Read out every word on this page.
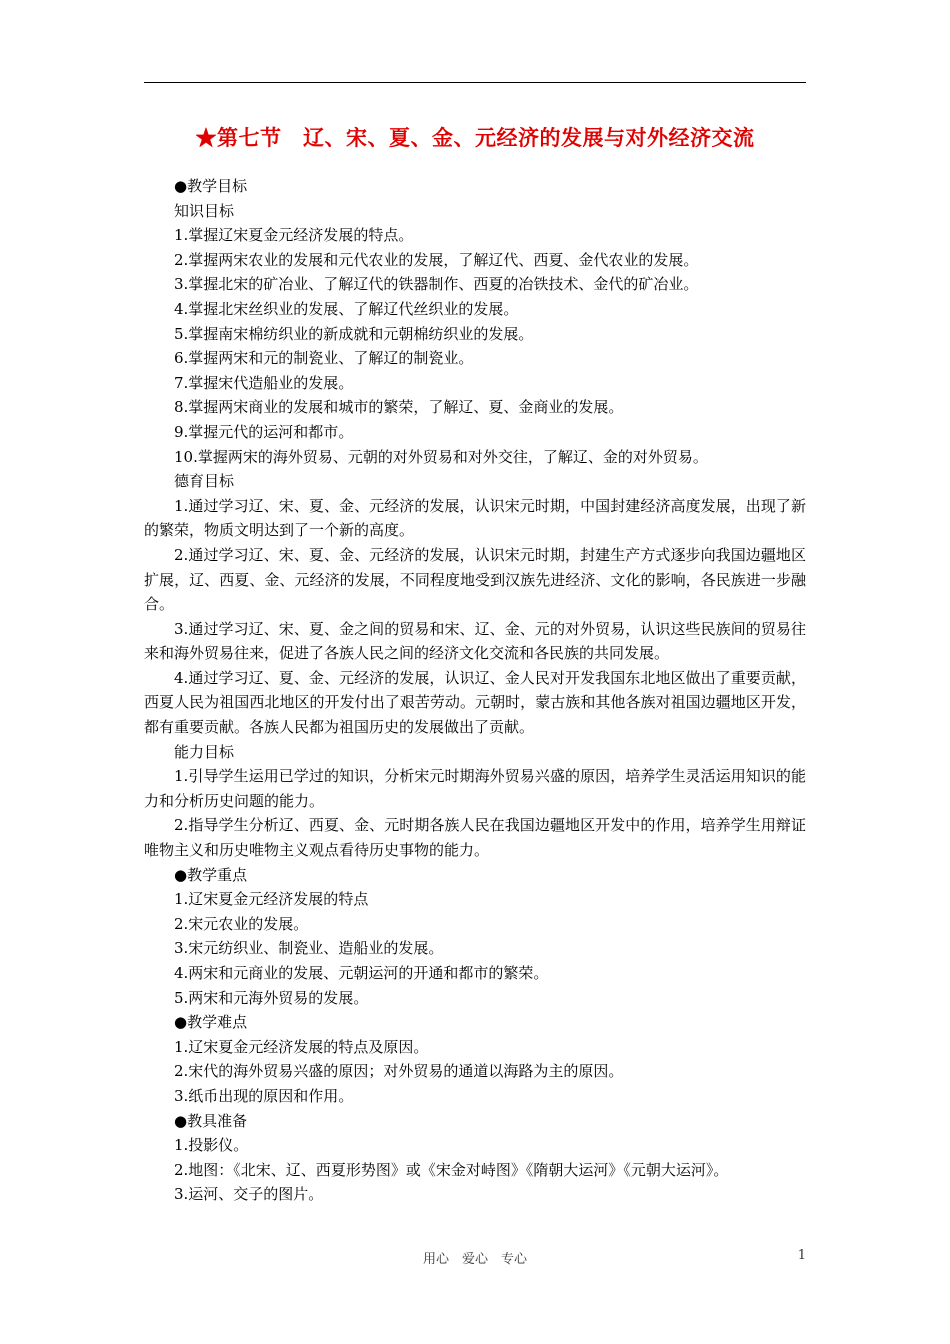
★第七节　辽、宋、夏、金、元经济的发展与对外经济交流
●教学目标
知识目标
1.掌握辽宋夏金元经济发展的特点。
2.掌握两宋农业的发展和元代农业的发展，了解辽代、西夏、金代农业的发展。
3.掌握北宋的矿冶业、了解辽代的铁器制作、西夏的冶铁技术、金代的矿冶业。
4.掌握北宋丝织业的发展、了解辽代丝织业的发展。
5.掌握南宋棉纺织业的新成就和元朝棉纺织业的发展。
6.掌握两宋和元的制瓷业、了解辽的制瓷业。
7.掌握宋代造船业的发展。
8.掌握两宋商业的发展和城市的繁荣，了解辽、夏、金商业的发展。
9.掌握元代的运河和都市。
10.掌握两宋的海外贸易、元朝的对外贸易和对外交往，了解辽、金的对外贸易。
德育目标
1.通过学习辽、宋、夏、金、元经济的发展，认识宋元时期，中国封建经济高度发展，出现了新的繁荣，物质文明达到了一个新的高度。
2.通过学习辽、宋、夏、金、元经济的发展，认识宋元时期，封建生产方式逐步向我国边疆地区扩展，辽、西夏、金、元经济的发展，不同程度地受到汉族先进经济、文化的影响，各民族进一步融合。
3.通过学习辽、宋、夏、金之间的贸易和宋、辽、金、元的对外贸易，认识这些民族间的贸易往来和海外贸易往来，促进了各族人民之间的经济文化交流和各民族的共同发展。
4.通过学习辽、夏、金、元经济的发展，认识辽、金人民对开发我国东北地区做出了重要贡献，西夏人民为祖国西北地区的开发付出了艰苦劳动。元朝时，蒙古族和其他各族对祖国边疆地区开发，都有重要贡献。各族人民都为祖国历史的发展做出了贡献。
能力目标
1.引导学生运用已学过的知识，分析宋元时期海外贸易兴盛的原因，培养学生灵活运用知识的能力和分析历史问题的能力。
2.指导学生分析辽、西夏、金、元时期各族人民在我国边疆地区开发中的作用，培养学生用辩证唯物主义和历史唯物主义观点看待历史事物的能力。
●教学重点
1.辽宋夏金元经济发展的特点
2.宋元农业的发展。
3.宋元纺织业、制瓷业、造船业的发展。
4.两宋和元商业的发展、元朝运河的开通和都市的繁荣。
5.两宋和元海外贸易的发展。
●教学难点
1.辽宋夏金元经济发展的特点及原因。
2.宋代的海外贸易兴盛的原因；对外贸易的通道以海路为主的原因。
3.纸币出现的原因和作用。
●教具准备
1.投影仪。
2.地图：《北宋、辽、西夏形势图》或《宋金对峙图》《隋朝大运河》《元朝大运河》。
3.运河、交子的图片。
用心　爱心　专心	1
